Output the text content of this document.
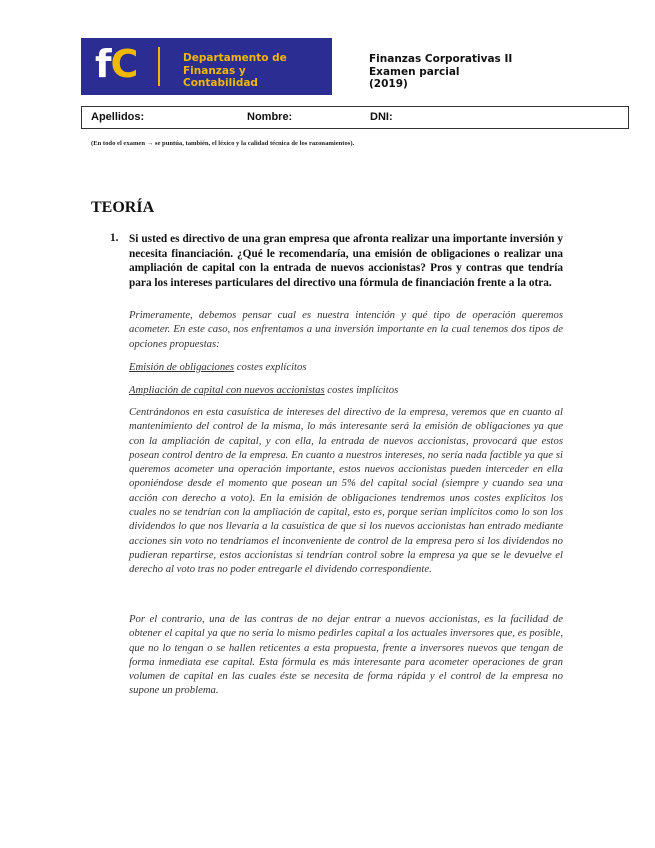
fC	Departamento de
Finanzas y
Contabilidad
Finanzas Corporativas II
Examen parcial
(2019)
Apellidos:	Nombre:	DNI:
(En todo el examen → se puntúa, también, el léxico y la calidad técnica de los razonamientos).
TEORÍA
1. Si usted es directivo de una gran empresa que afronta realizar una importante inversión y necesita financiación. ¿Qué le recomendaría, una emisión de obligaciones o realizar una ampliación de capital con la entrada de nuevos accionistas? Pros y contras que tendría para los intereses particulares del directivo una fórmula de financiación frente a la otra.
Primeramente, debemos pensar cual es nuestra intención y qué tipo de operación queremos acometer. En este caso, nos enfrentamos a una inversión importante en la cual tenemos dos tipos de opciones propuestas:
Emisión de obligaciones costes explícitos
Ampliación de capital con nuevos accionistas costes implícitos
Centrándonos en esta casuística de intereses del directivo de la empresa, veremos que en cuanto al mantenimiento del control de la misma, lo más interesante será la emisión de obligaciones ya que con la ampliación de capital, y con ella, la entrada de nuevos accionistas, provocará que estos posean control dentro de la empresa. En cuanto a nuestros intereses, no sería nada factible ya que si queremos acometer una operación importante, estos nuevos accionistas pueden interceder en ella oponiéndose desde el momento que posean un 5% del capital social (siempre y cuando sea una acción con derecho a voto). En la emisión de obligaciones tendremos unos costes explícitos los cuales no se tendrían con la ampliación de capital, esto es, porque serían implícitos como lo son los dividendos lo que nos llevaría a la casuística de que si los nuevos accionistas han entrado mediante acciones sin voto no tendríamos el inconveniente de control de la empresa pero si los dividendos no pudieran repartirse, estos accionistas si tendrían control sobre la empresa ya que se le devuelve el derecho al voto tras no poder entregarle el dividendo correspondiente.
Por el contrario, una de las contras de no dejar entrar a nuevos accionistas, es la facilidad de obtener el capital ya que no sería lo mismo pedirles capital a los actuales inversores que, es posible, que no lo tengan o se hallen reticentes a esta propuesta, frente a inversores nuevos que tengan de forma inmediata ese capital. Esta fórmula es más interesante para acometer operaciones de gran volumen de capital en las cuales éste se necesita de forma rápida y el control de la empresa no supone un problema.
